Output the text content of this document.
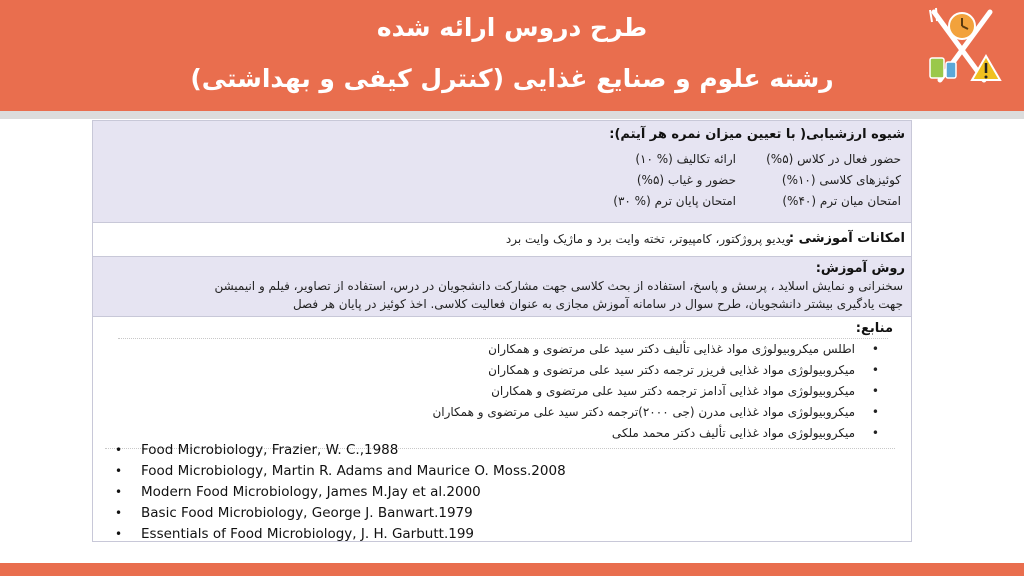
طرح دروس ارائه شده
رشته علوم و صنایع غذایی (کنترل کیفی و بهداشتی)
شیوه ارزشیابی( با تعیین میزان نمره هر آیتم):
حضور فعال در کلاس (۵%)
ارائه تکالیف (% ۱۰)
کوئیزهای کلاسی (۱۰%)
حضور و غیاب (۵%)
امتحان میان ترم (۴۰%)
امتحان پایان ترم (% ۳۰)
امکانات آموزشی :
ویدیو پروژکتور، کامپیوتر، تخته وایت برد و ماژیک وایت برد
روش آموزش:
سخنرانی و نمایش اسلاید ، پرسش و پاسخ، استفاده از بحث کلاسی جهت مشارکت دانشجویان در درس، استفاده از تصاویر، فیلم و انیمیشن
جهت یادگیری بیشتر دانشجویان، طرح سوال در سامانه آموزش مجازی به عنوان فعالیت کلاسی. اخذ کوئیز در پایان هر فصل
منابع:
•
اطلس میکروبیولوژی مواد غذایی تألیف دکتر سید علی مرتضوی و همکاران
•
میکروبیولوژی مواد غذایی فریزر ترجمه دکتر سید علی مرتضوی و همکاران
•
میکروبیولوژی مواد غذایی آدامز ترجمه دکتر سید علی مرتضوی و همکاران
•
میکروبیولوژی مواد غذایی مدرن (جی ۲۰۰۰)ترجمه دکتر سید علی مرتضوی و همکاران
•
میکروبیولوژی مواد غذایی تألیف دکتر محمد ملکی
• Food Microbiology, Frazier, W. C.,1988
• Food Microbiology, Martin R. Adams and Maurice O. Moss.2008
• Modern Food Microbiology, James M.Jay et al.2000
• Basic Food Microbiology, George J. Banwart.1979
• Essentials of Food Microbiology, J. H. Garbutt.199
